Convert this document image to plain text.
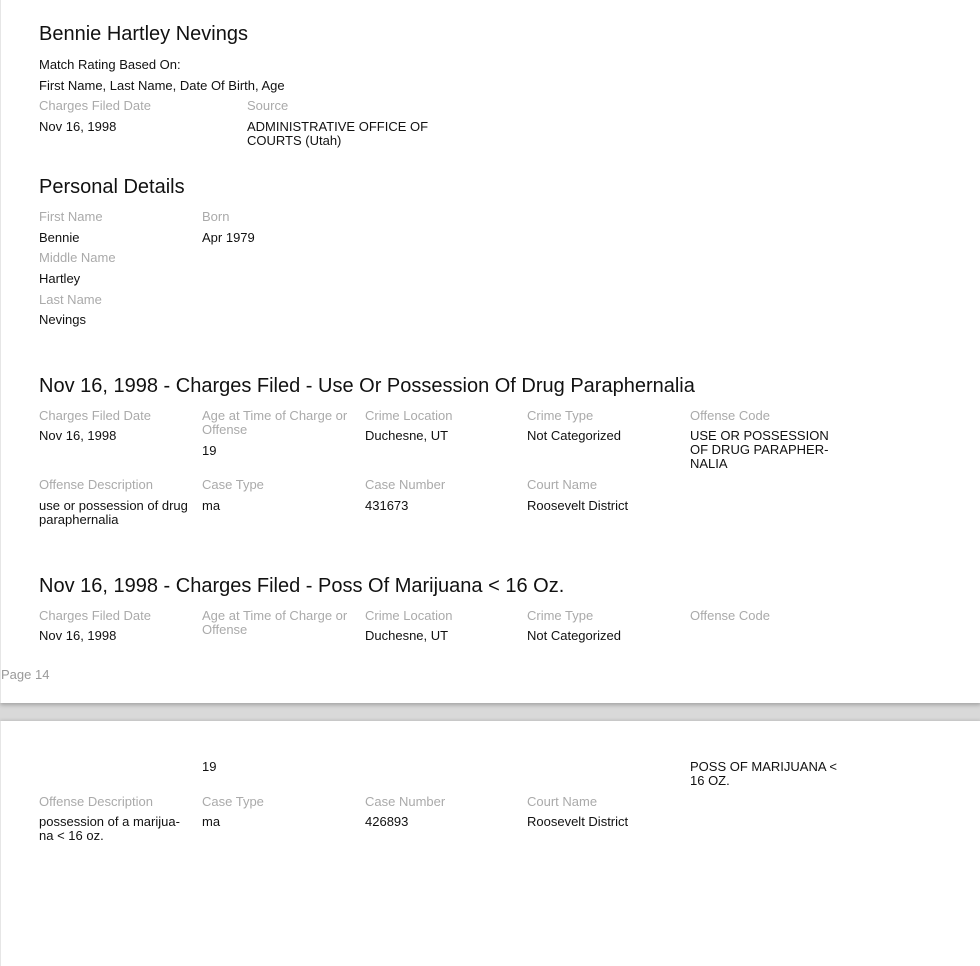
Bennie Hartley Nevings
Match Rating Based On:
First Name, Last Name, Date Of Birth, Age
Charges Filed Date
Nov 16, 1998
Source
ADMINISTRATIVE OFFICE OF
COURTS (Utah)
Personal Details
First Name
Bennie
Born
Apr 1979
Middle Name
Hartley
Last Name
Nevings
Nov 16, 1998 - Charges Filed - Use Or Possession Of Drug Paraphernalia
Charges Filed Date
Nov 16, 1998
Age at Time of Charge or
Offense
19
Crime Location
Duchesne, UT
Crime Type
Not Categorized
Offense Code
USE OR POSSESSION
OF DRUG PARAPHER-
NALIA
Offense Description
use or possession of drug
paraphernalia
Case Type
ma
Case Number
431673
Court Name
Roosevelt District
Nov 16, 1998 - Charges Filed - Poss Of Marijuana < 16 Oz.
Charges Filed Date
Nov 16, 1998
Age at Time of Charge or
Offense
Crime Location
Duchesne, UT
Crime Type
Not Categorized
Offense Code
Page 14
19	POSS OF MARIJUANA <
16 OZ.
Offense Description
possession of a marijua-
na < 16 oz.
Case Type
ma
Case Number
426893
Court Name
Roosevelt District
